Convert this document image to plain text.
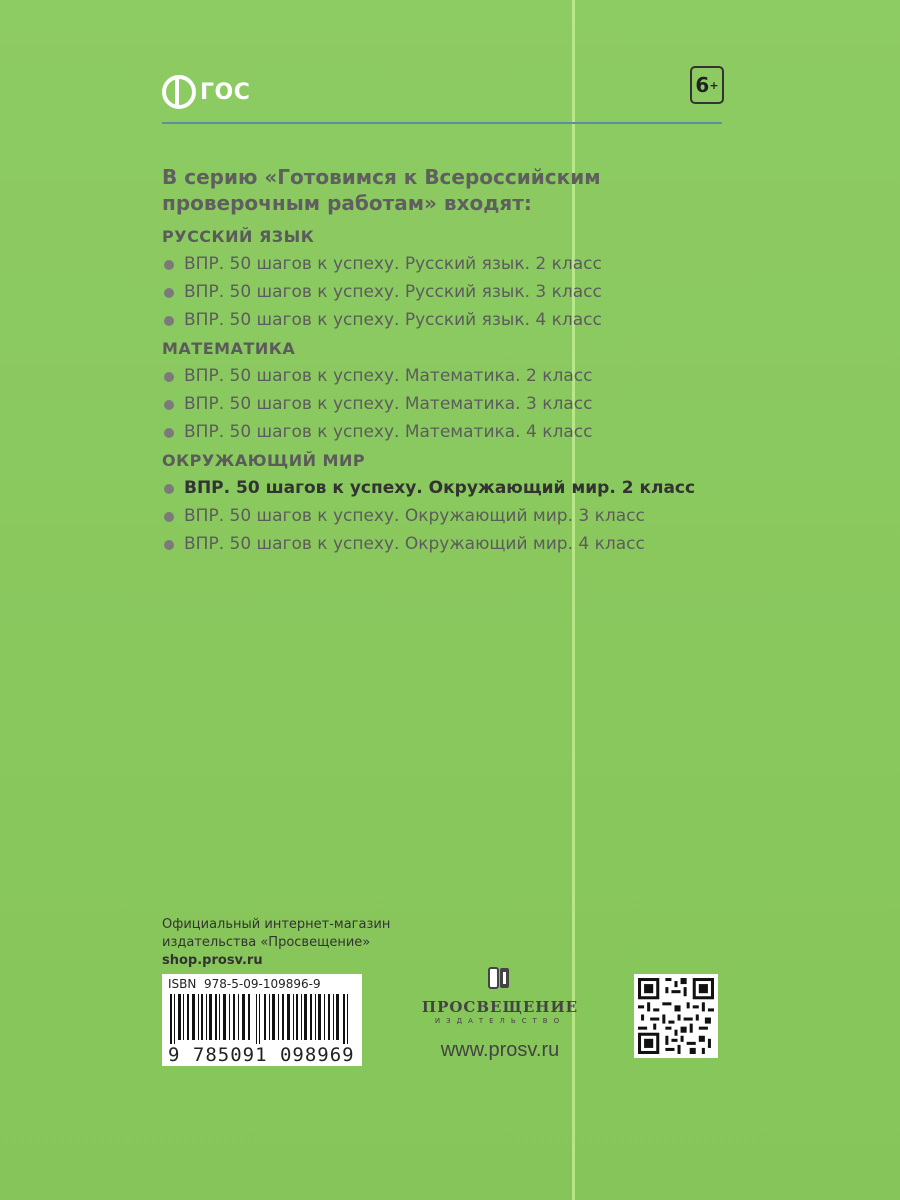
ГОС	6 +
В серию «Готовимся к Всероссийским
проверочным работам» входят:
РУССКИЙ ЯЗЫК
ВПР. 50 шагов к успеху. Русский язык. 2 класс
ВПР. 50 шагов к успеху. Русский язык. 3 класс
ВПР. 50 шагов к успеху. Русский язык. 4 класс
МАТЕМАТИКА
ВПР. 50 шагов к успеху. Математика. 2 класс
ВПР. 50 шагов к успеху. Математика. 3 класс
ВПР. 50 шагов к успеху. Математика. 4 класс
ОКРУЖАЮЩИЙ МИР
ВПР. 50 шагов к успеху. Окружающий мир. 2 класс
ВПР. 50 шагов к успеху. Окружающий мир. 3 класс
ВПР. 50 шагов к успеху. Окружающий мир. 4 класс
Официальный интернет-магазин
издательства «Просвещение»
shop.prosv.ru
ISBN 978-5-09-109896-9
9 785091 098969
ПРОСВЕЩЕНИЕ
ИЗДАТЕЛЬСТВО
www.prosv.ru
